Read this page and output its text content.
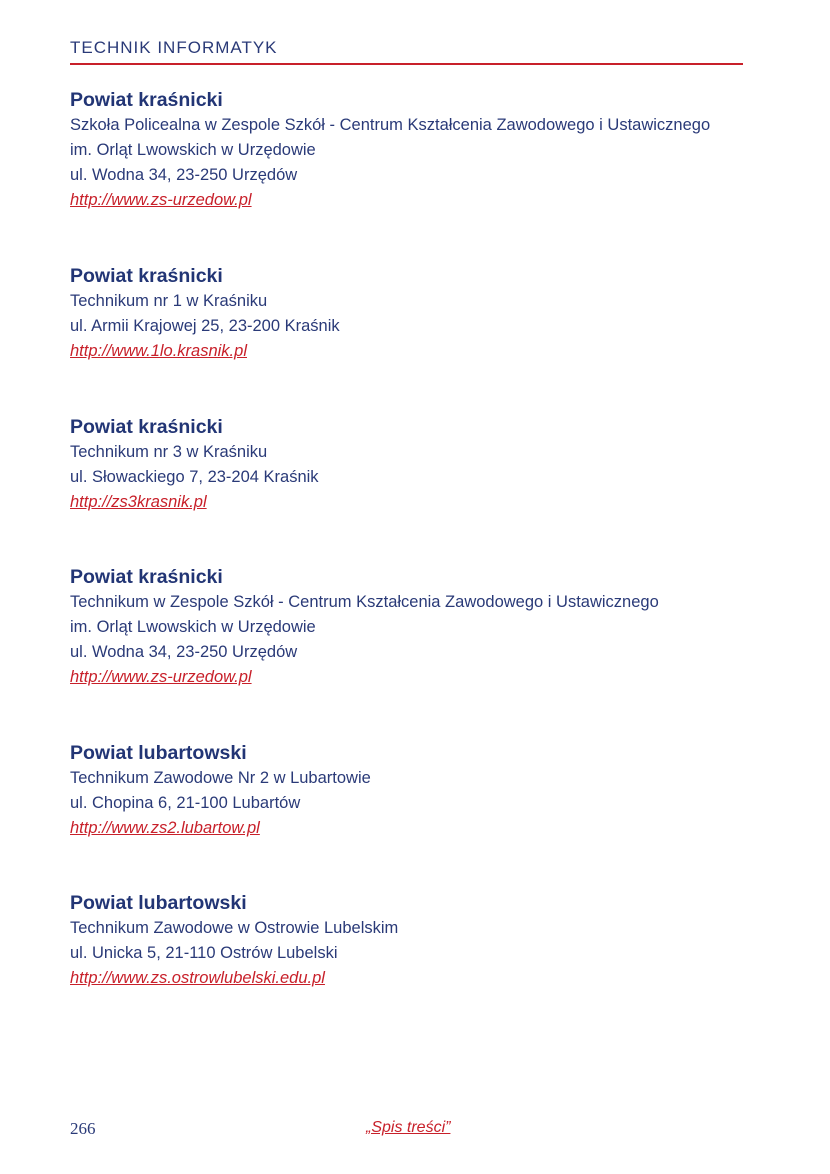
TECHNIK INFORMATYK
Powiat kraśnicki
Szkoła Policealna w Zespole Szkół - Centrum Kształcenia Zawodowego i Ustawicznego
im. Orląt Lwowskich w Urzędowie
ul. Wodna 34, 23-250 Urzędów
http://www.zs-urzedow.pl
Powiat kraśnicki
Technikum nr 1 w Kraśniku
ul. Armii Krajowej 25, 23-200 Kraśnik
http://www.1lo.krasnik.pl
Powiat kraśnicki
Technikum nr 3 w Kraśniku
ul. Słowackiego 7, 23-204 Kraśnik
http://zs3krasnik.pl
Powiat kraśnicki
Technikum w Zespole Szkół - Centrum Kształcenia Zawodowego i Ustawicznego
im. Orląt Lwowskich w Urzędowie
ul. Wodna 34, 23-250 Urzędów
http://www.zs-urzedow.pl
Powiat lubartowski
Technikum Zawodowe Nr 2 w Lubartowie
ul. Chopina 6, 21-100 Lubartów
http://www.zs2.lubartow.pl
Powiat lubartowski
Technikum Zawodowe w Ostrowie Lubelskim
ul. Unicka 5, 21-110 Ostrów Lubelski
http://www.zs.ostrowlubelski.edu.pl
266	„Spis treści”
